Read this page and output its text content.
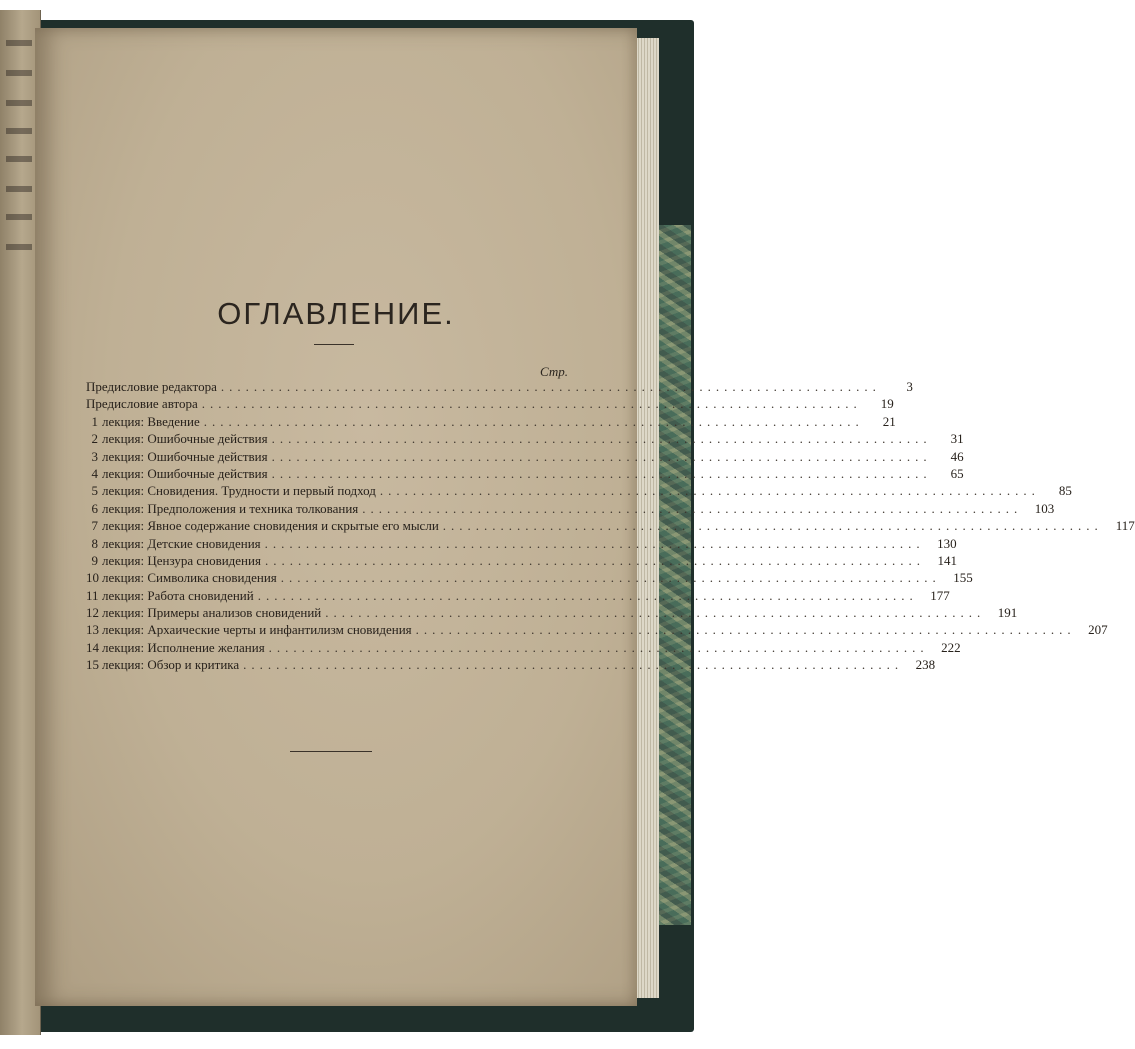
ОГЛАВЛЕНИЕ.
Стр.
Предисловие редактора ................................................................................	3
Предисловие автора ................................................................................	19
1 лекция:
Введение ................................................................................	21
2 лекция:
Ошибочные действия ................................................................................	31
3 лекция:
Ошибочные действия ................................................................................	46
4 лекция:
Ошибочные действия ................................................................................	65
5 лекция:
Сновидения. Трудности и первый подход ................................................................................	85
6 лекция:
Предположения и техника толкования ................................................................................ 103
7 лекция:
Явное содержание сновидения и скрытые его мысли ................................................................................ 117
8 лекция:
Детские сновидения ................................................................................ 130
9 лекция:
Цензура сновидения ................................................................................ 141
10 лекция:
Символика сновидения ................................................................................ 155
11 лекция:
Работа сновидений ................................................................................ 177
12 лекция:
Примеры анализов сновидений ................................................................................ 191
13 лекция:
Архаические черты и инфантилизм сновидения ................................................................................ 207
14 лекция:
Исполнение желания ................................................................................ 222
15 лекция:
Обзор и критика ................................................................................ 238
